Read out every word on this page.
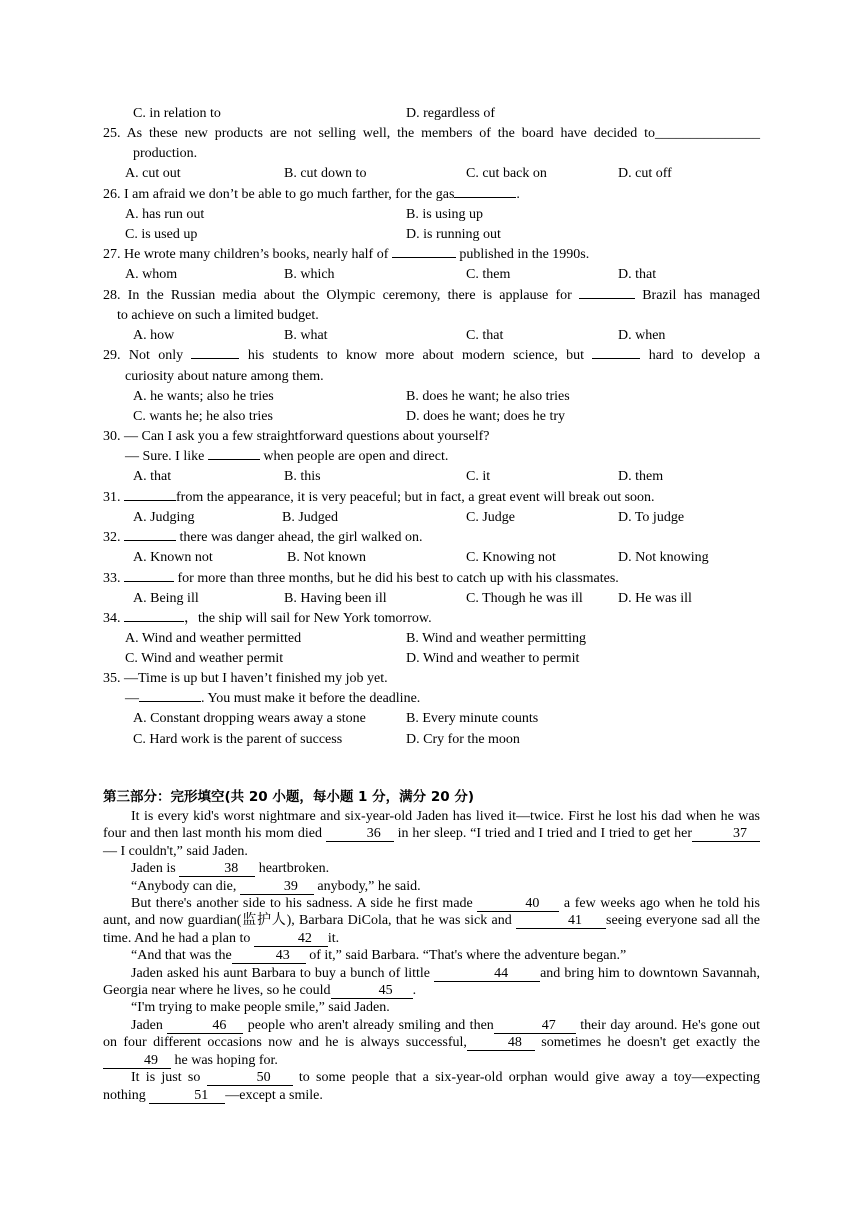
C. in relation to	D. regardless of
25. As these new products are not selling well, the members of the board have decided to_______________
production.
A. cut out	B. cut down to	C. cut back on	D. cut off
26. I am afraid we don’t be able to go much farther, for the gas	.
A. has run out	B. is using up
C. is used up	D. is running out
27. He wrote many children’s books, nearly half of	published in the 1990s.
A. whom	B. which	C. them	D. that
28. In the Russian media about the Olympic ceremony, there is applause for	Brazil has managed
to achieve on such a limited budget.
A. how	B. what	C. that	D. when
29. Not only	his students to know more about modern science, but	hard to develop a
curiosity about nature among them.
A. he wants; also he tries	B. does he want; he also tries
C. wants he; he also tries	D. does he want; does he try
30. — Can I ask you a few straightforward questions about yourself?
— Sure. I like	when people are open and direct.
A. that	B. this	C. it	D. them
31.	from the appearance, it is very peaceful; but in fact, a great event will break out soon.
A. Judging	B. Judged	C. Judge	D. To judge
32.	there was danger ahead, the girl walked on.
A. Known not	B. Not known	C. Knowing not	D. Not knowing
33.	for more than three months, but he did his best to catch up with his classmates.
A. Being ill	B. Having been ill	C. Though he was ill	D. He was ill
34.	，the ship will sail for New York tomorrow.
A. Wind and weather permitted	B. Wind and weather permitting
C. Wind and weather permit	D. Wind and weather to permit
35. —Time is up but I haven’t finished my job yet.
—	. You must make it before the deadline.
A. Constant dropping wears away a stone	B. Every minute counts
C. Hard work is the parent of success	D. Cry for the moon
第三部分：完形填空(共 20 小题，每小题 1 分，满分 20 分)

It is every kid's worst nightmare and six-year-old Jaden has lived it—twice. First he lost his dad when he was four and then last month his mom died	36 in her sleep. “I tried and I tried and I tried to get her	37— I couldn't,” said Jaden.

Jaden is	38 heartbroken.

“Anybody can die,	39 anybody,” he said.

But there's another side to his sadness. A side he first made	40 a few weeks ago when he told his aunt, and now guardian(监护人), Barbara DiCola, that he was sick and	41 seeing everyone sad all the time. And he had a plan to	42 it.

“And that was the	43 of it,” said Barbara. “That's where the adventure began.”

Jaden asked his aunt Barbara to buy a bunch of little	44 and bring him to downtown Savannah, Georgia near where he lives, so he could	45 .

“I'm trying to make people smile,” said Jaden.

Jaden	46 people who aren't already smiling and then	47 their day around. He's gone out on four different occasions now and he is always successful,	48 sometimes he doesn't get exactly the 49 he was hoping for.

It is just so	50 to some people that a six-year-old orphan would give away a toy—expecting nothing	51 —except a smile.
